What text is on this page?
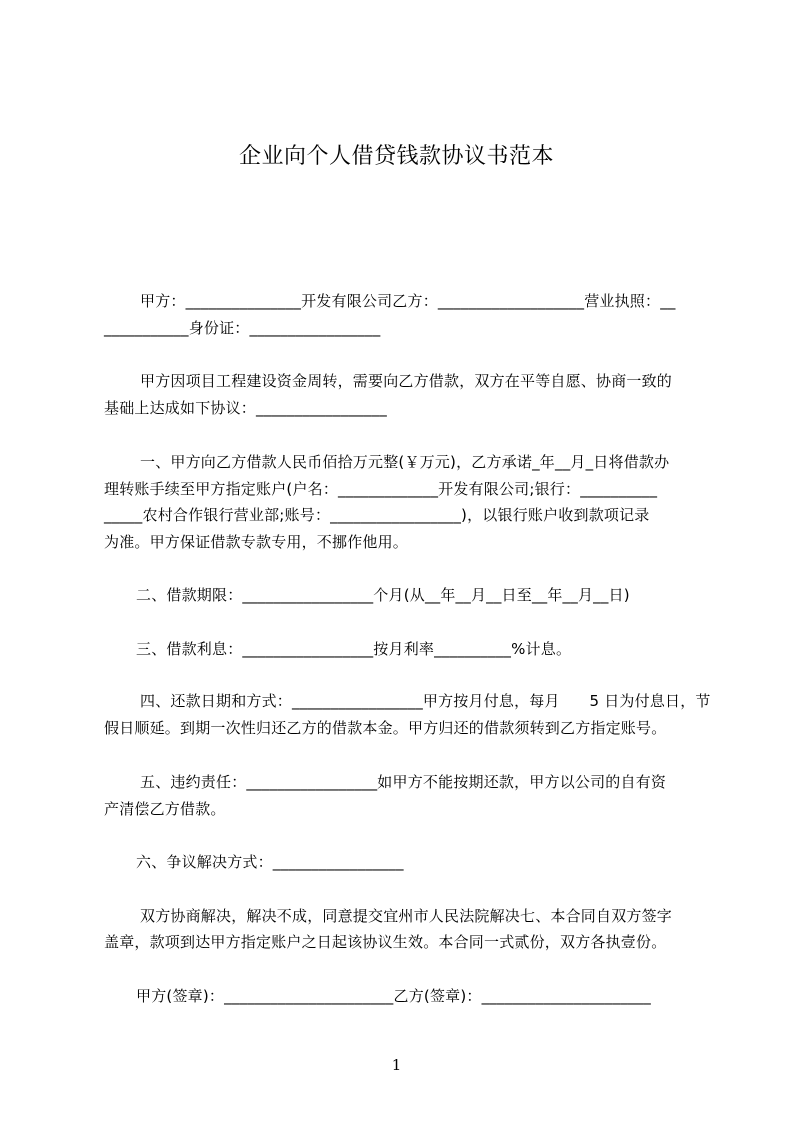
企业向个人借贷钱款协议书范本
甲方：_______________开发有限公司乙方：___________________营业执照：__
___________身份证：_________________
甲方因项目工程建设资金周转，需要向乙方借款，双方在平等自愿、协商一致的
基础上达成如下协议：_________________
一、甲方向乙方借款人民币佰拾万元整(￥万元)，乙方承诺_年__月_日将借款办
理转账手续至甲方指定账户(户名：_____________开发有限公司;银行：__________
_____农村合作银行营业部;账号：_________________)，以银行账户收到款项记录
为准。甲方保证借款专款专用，不挪作他用。
二、借款期限：_________________个月(从__年__月__日至__年__月__日)
三、借款利息：_________________按月利率__________%计息。
四、还款日期和方式：_________________甲方按月付息，每月      5 日为付息日，节
假日顺延。到期一次性归还乙方的借款本金。甲方归还的借款须转到乙方指定账号。
五、违约责任：_________________如甲方不能按期还款，甲方以公司的自有资
产清偿乙方借款。
六、争议解决方式：_________________
双方协商解决，解决不成，同意提交宜州市人民法院解决七、本合同自双方签字
盖章，款项到达甲方指定账户之日起该协议生效。本合同一式贰份，双方各执壹份。
甲方(签章)：______________________乙方(签章)：______________________
1
